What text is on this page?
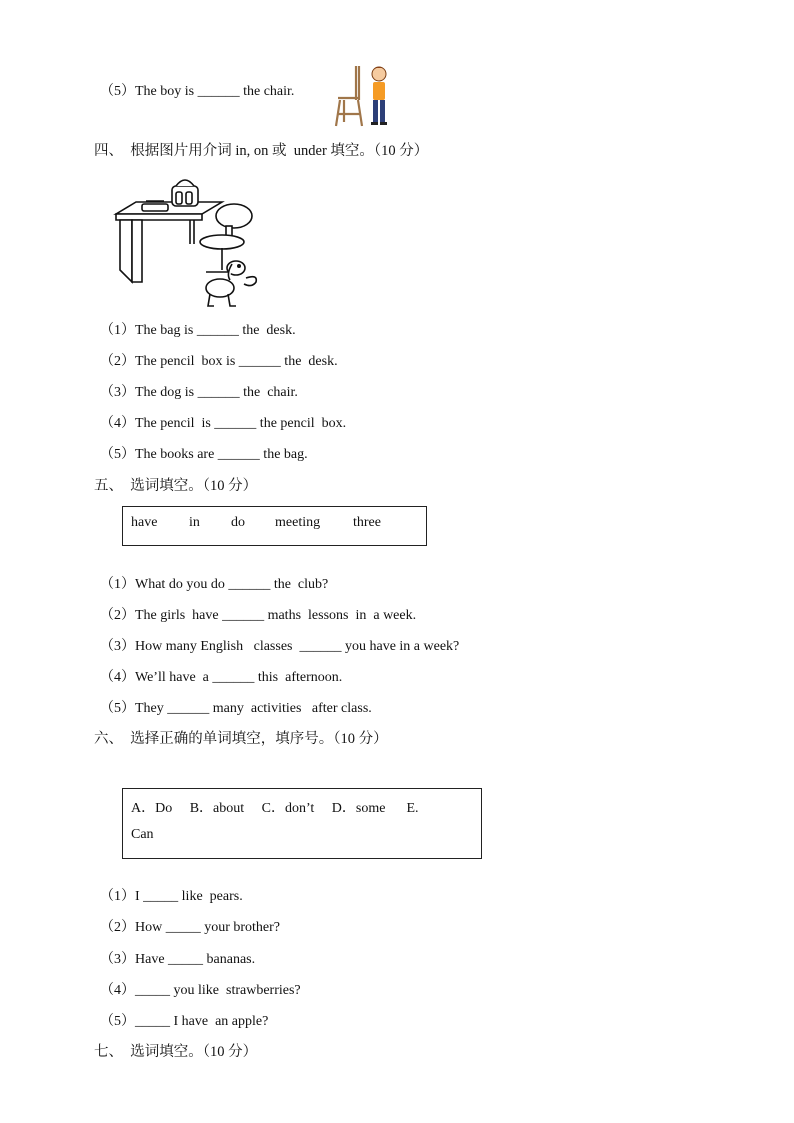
（5）The boy is ______ the chair.
四、  根据图片用介词 in, on 或  under 填空。（10 分）
（1）The bag is ______ the  desk.
（2）The pencil  box is ______ the  desk.
（3）The dog is ______ the  chair.
（4）The pencil  is ______ the pencil  box.
（5）The books are ______ the bag.
五、  选词填空。（10 分）
have in do meeting three
（1）What do you do ______ the  club?
（2）The girls  have ______ maths  lessons  in  a week.
（3）How many English   classes  ______ you have in a week?
（4）We’ll have  a ______ this  afternoon.
（5）They ______ many  activities   after class.
六、  选择正确的单词填空，填序号。（10 分）
A．Do     B．about     C．don’t     D．some      E.
Can
（1）I _____ like  pears.
（2）How _____ your brother?
（3）Have _____ bananas.
（4）_____ you like  strawberries?
（5）_____ I have  an apple?
七、  选词填空。（10 分）
